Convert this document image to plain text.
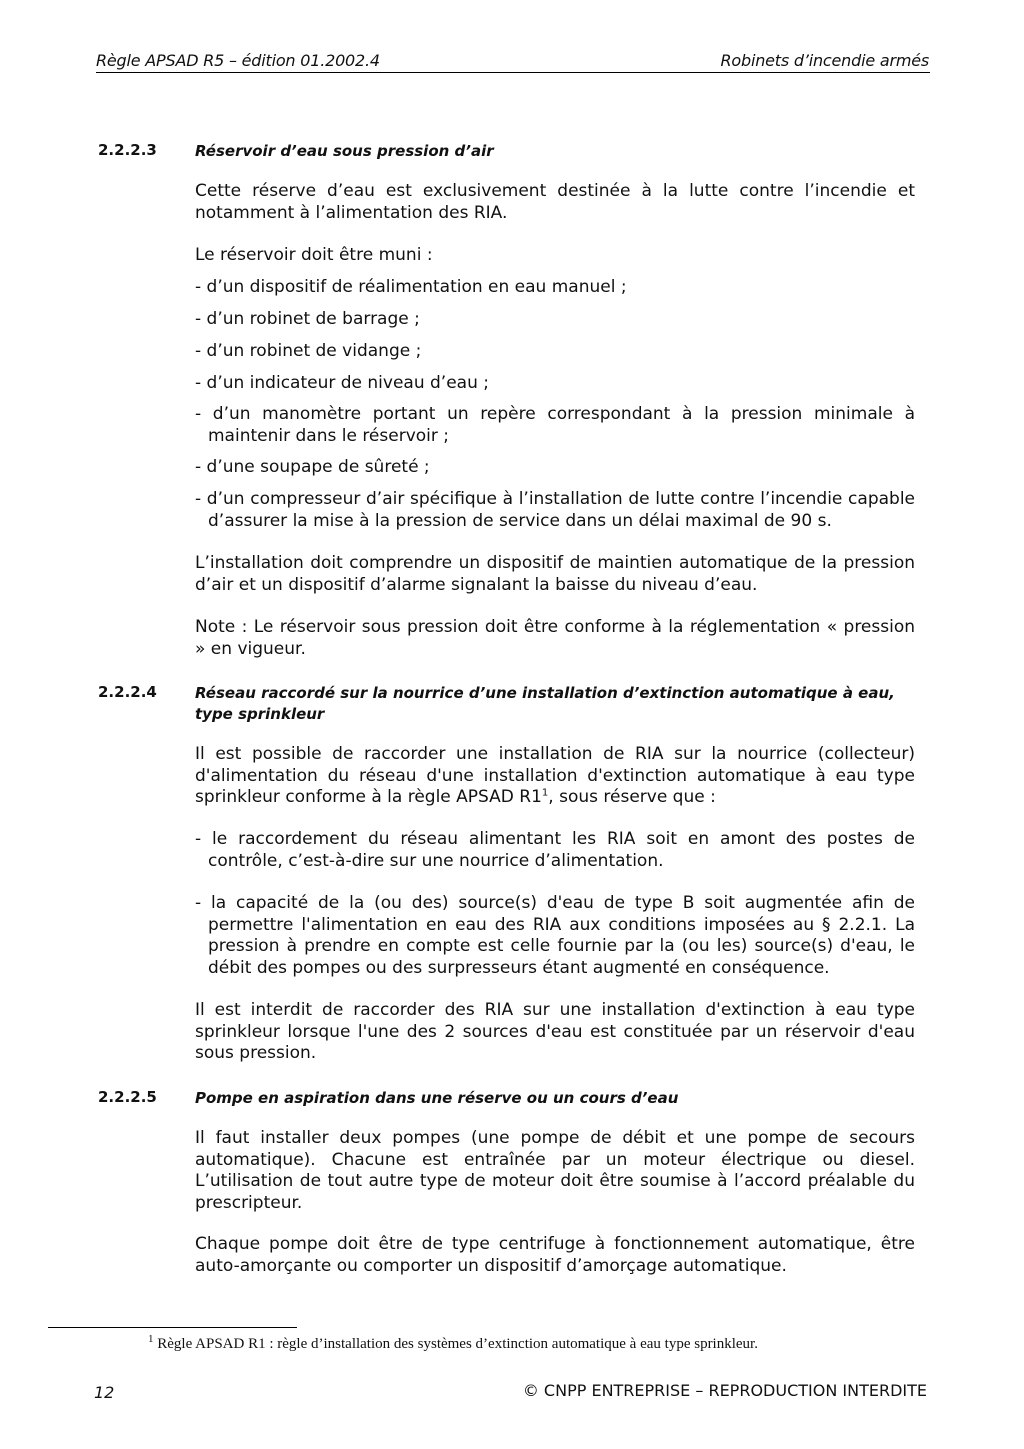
Règle APSAD R5 – édition 01.2002.4	Robinets d’incendie armés
2.2.2.3	Réservoir d’eau sous pression d’air
Cette réserve d’eau est exclusivement destinée à la lutte contre l’incendie et notamment à l’alimentation des RIA.
Le réservoir doit être muni :
- d’un dispositif de réalimentation en eau manuel ;
- d’un robinet de barrage ;
- d’un robinet de vidange ;
- d’un indicateur de niveau d’eau ;
- d’un manomètre portant un repère correspondant à la pression minimale à maintenir dans le réservoir ;
- d’une soupape de sûreté ;
- d’un compresseur d’air spécifique à l’installation de lutte contre l’incendie capable d’assurer la mise à la pression de service dans un délai maximal de 90 s.
L’installation doit comprendre un dispositif de maintien automatique de la pression d’air et un dispositif d’alarme signalant la baisse du niveau d’eau.
Note : Le réservoir sous pression doit être conforme à la réglementation « pression » en vigueur.
2.2.2.4	Réseau raccordé sur la nourrice d’une installation d’extinction automatique à eau, type sprinkleur
Il est possible de raccorder une installation de RIA sur la nourrice (collecteur) d'alimentation du réseau d'une installation d'extinction automatique à eau type sprinkleur conforme à la règle APSAD $R1^1$, sous réserve que :
- le raccordement du réseau alimentant les RIA soit en amont des postes de contrôle, c’est-à-dire sur une nourrice d’alimentation.
- la capacité de la (ou des) source(s) d'eau de type B soit augmentée afin de permettre l'alimentation en eau des RIA aux conditions imposées au § 2.2.1. La pression à prendre en compte est celle fournie par la (ou les) source(s) d'eau, le débit des pompes ou des surpresseurs étant augmenté en conséquence.
Il est interdit de raccorder des RIA sur une installation d'extinction à eau type sprinkleur lorsque l'une des 2 sources d'eau est constituée par un réservoir d'eau sous pression.
2.2.2.5	Pompe en aspiration dans une réserve ou un cours d’eau
Il faut installer deux pompes (une pompe de débit et une pompe de secours automatique). Chacune est entraînée par un moteur électrique ou diesel. L’utilisation de tout autre type de moteur doit être soumise à l’accord préalable du prescripteur.
Chaque pompe doit être de type centrifuge à fonctionnement automatique, être auto-amorçante ou comporter un dispositif d’amorçage automatique.
$^1$ Règle APSAD R1 : règle d’installation des systèmes d’extinction automatique à eau type sprinkleur.
12	© CNPP ENTREPRISE – REPRODUCTION INTERDITE
